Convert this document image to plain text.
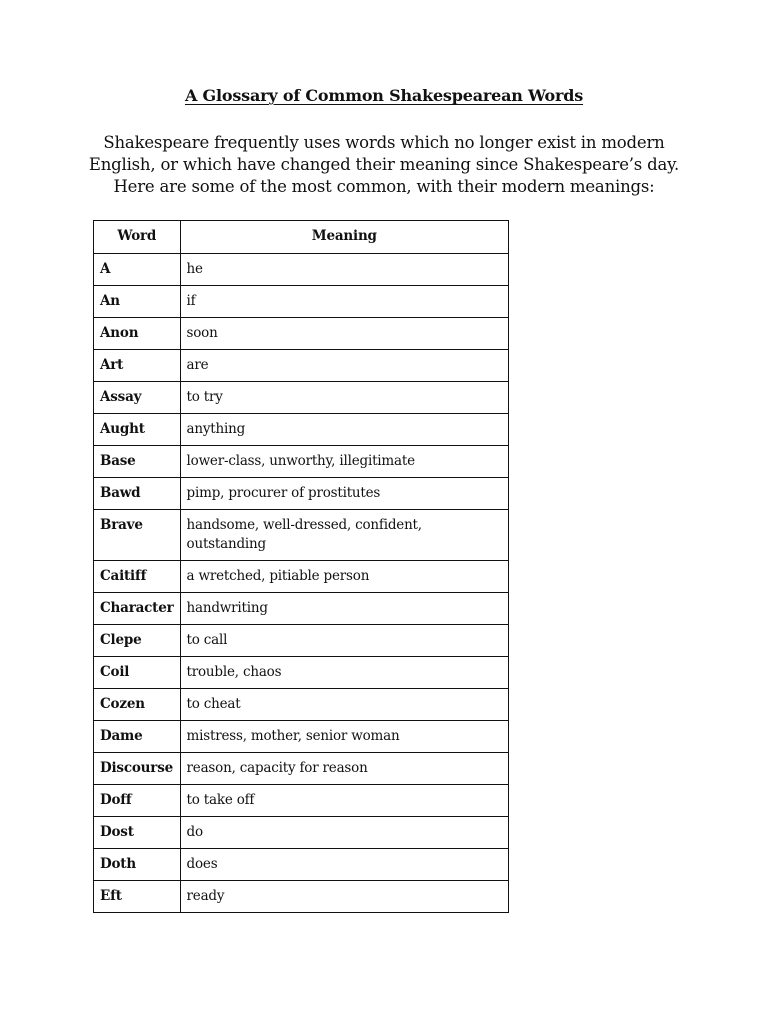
A Glossary of Common Shakespearean Words
Shakespeare frequently uses words which no longer exist in modern
English, or which have changed their meaning since Shakespeare’s day.
Here are some of the most common, with their modern meanings:
Word	Meaning
A	he
An	if
Anon	soon
Art	are
Assay	to try
Aught	anything
Base	lower-class, unworthy, illegitimate
Bawd	pimp, procurer of prostitutes
Brave	handsome, well-dressed, confident, outstanding
Caitiff	a wretched, pitiable person
Character	handwriting
Clepe	to call
Coil	trouble, chaos
Cozen	to cheat
Dame	mistress, mother, senior woman
Discourse	reason, capacity for reason
Doff	to take off
Dost	do
Doth	does
Eft	ready
